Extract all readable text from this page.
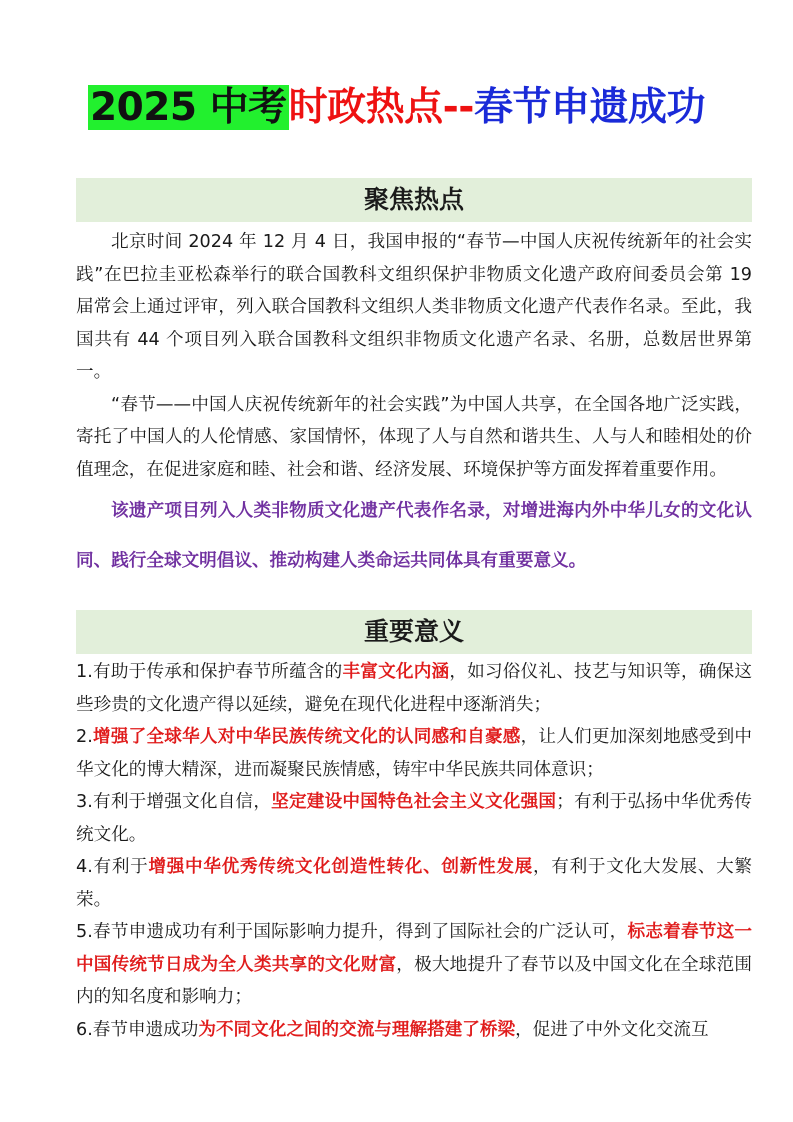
2025 中考时政热点--春节申遗成功
聚焦热点

北京时间 2024 年 12 月 4 日，我国申报的“春节—中国人庆祝传统新年的社会实践”在巴拉圭亚松森举行的联合国教科文组织保护非物质文化遗产政府间委员会第 19 届常会上通过评审，列入联合国教科文组织人类非物质文化遗产代表作名录。至此，我国共有 44 个项目列入联合国教科文组织非物质文化遗产名录、名册，总数居世界第一。

“春节——中国人庆祝传统新年的社会实践”为中国人共享，在全国各地广泛实践，寄托了中国人的人伦情感、家国情怀，体现了人与自然和谐共生、人与人和睦相处的价值理念，在促进家庭和睦、社会和谐、经济发展、环境保护等方面发挥着重要作用。

该遗产项目列入人类非物质文化遗产代表作名录，对增进海内外中华儿女的文化认同、践行全球文明倡议、推动构建人类命运共同体具有重要意义。

重要意义

1.有助于传承和保护春节所蕴含的丰富文化内涵，如习俗仪礼、技艺与知识等，确保这些珍贵的文化遗产得以延续，避免在现代化进程中逐渐消失；

2.增强了全球华人对中华民族传统文化的认同感和自豪感，让人们更加深刻地感受到中华文化的博大精深，进而凝聚民族情感，铸牢中华民族共同体意识；

3.有利于增强文化自信，坚定建设中国特色社会主义文化强国；有利于弘扬中华优秀传统文化。

4.有利于增强中华优秀传统文化创造性转化、创新性发展，有利于文化大发展、大繁荣。

5.春节申遗成功有利于国际影响力提升，得到了国际社会的广泛认可，标志着春节这一中国传统节日成为全人类共享的文化财富，极大地提升了春节以及中国文化在全球范围内的知名度和影响力；

6.春节申遗成功为不同文化之间的交流与理解搭建了桥梁，促进了中外文化交流互
